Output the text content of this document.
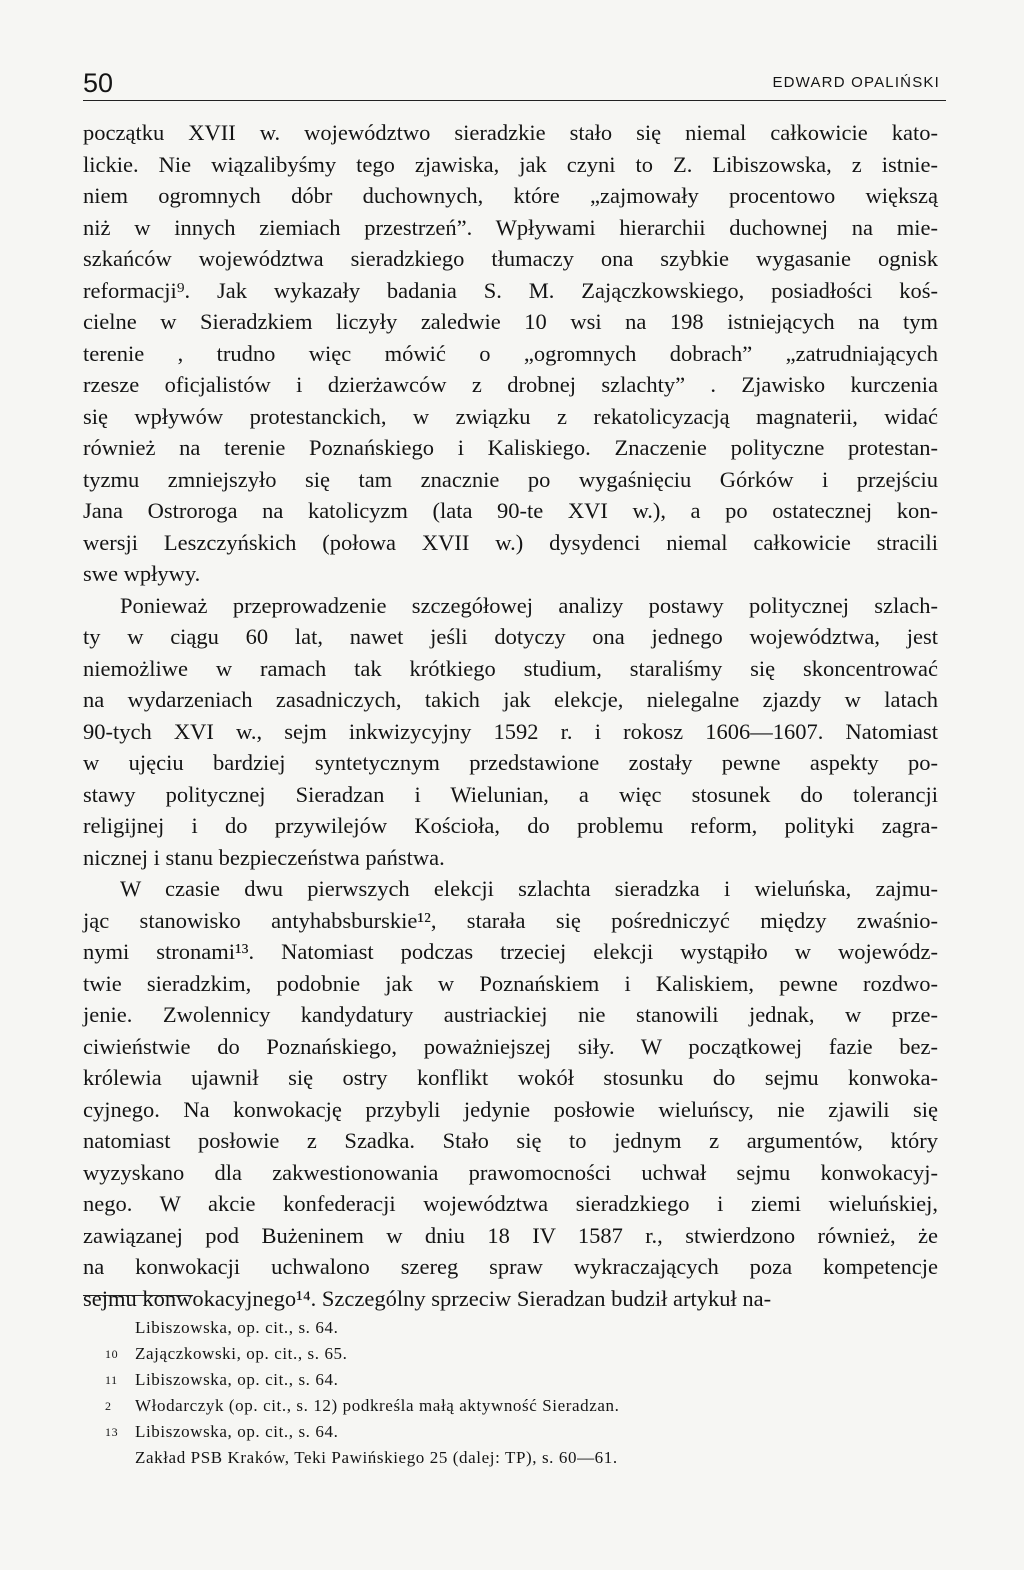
50	EDWARD OPALIŃSKI
początku XVII w. województwo sieradzkie stało się niemal całkowicie kato-
lickie. Nie wiązalibyśmy tego zjawiska, jak czyni to Z. Libiszowska, z istnie-
niem ogromnych dóbr duchownych, które „zajmowały procentowo większą
niż w innych ziemiach przestrzeń”. Wpływami hierarchii duchownej na mie-
szkańców województwa sieradzkiego tłumaczy ona szybkie wygasanie ognisk
reformacji⁹. Jak wykazały badania S. M. Zajączkowskiego, posiadłości koś-
cielne w Sieradzkiem liczyły zaledwie 10 wsi na 198 istniejących na tym
terenie , trudno więc mówić o „ogromnych dobrach” „zatrudniających
rzesze oficjalistów i dzierżawców z drobnej szlachty” . Zjawisko kurczenia
się wpływów protestanckich, w związku z rekatolicyzacją magnaterii, widać
również na terenie Poznańskiego i Kaliskiego. Znaczenie polityczne protestan-
tyzmu zmniejszyło się tam znacznie po wygaśnięciu Górków i przejściu
Jana Ostroroga na katolicyzm (lata 90-te XVI w.), a po ostatecznej kon-
wersji Leszczyńskich (połowa XVII w.) dysydenci niemal całkowicie stracili
swe wpływy.
Ponieważ przeprowadzenie szczegółowej analizy postawy politycznej szlach-
ty w ciągu 60 lat, nawet jeśli dotyczy ona jednego województwa, jest
niemożliwe w ramach tak krótkiego studium, staraliśmy się skoncentrować
na wydarzeniach zasadniczych, takich jak elekcje, nielegalne zjazdy w latach
90-tych XVI w., sejm inkwizycyjny 1592 r. i rokosz 1606—1607. Natomiast
w ujęciu bardziej syntetycznym przedstawione zostały pewne aspekty po-
stawy politycznej Sieradzan i Wielunian, a więc stosunek do tolerancji
religijnej i do przywilejów Kościoła, do problemu reform, polityki zagra-
nicznej i stanu bezpieczeństwa państwa.
W czasie dwu pierwszych elekcji szlachta sieradzka i wieluńska, zajmu-
jąc stanowisko antyhabsburskie¹², starała się pośredniczyć między zwaśnio-
nymi stronami¹³. Natomiast podczas trzeciej elekcji wystąpiło w wojewódz-
twie sieradzkim, podobnie jak w Poznańskiem i Kaliskiem, pewne rozdwo-
jenie. Zwolennicy kandydatury austriackiej nie stanowili jednak, w prze-
ciwieństwie do Poznańskiego, poważniejszej siły. W początkowej fazie bez-
królewia ujawnił się ostry konflikt wokół stosunku do sejmu konwoka-
cyjnego. Na konwokację przybyli jedynie posłowie wieluńscy, nie zjawili się
natomiast posłowie z Szadka. Stało się to jednym z argumentów, który
wyzyskano dla zakwestionowania prawomocności uchwał sejmu konwokacyj-
nego. W akcie konfederacji województwa sieradzkiego i ziemi wieluńskiej,
zawiązanej pod Bużeninem w dniu 18 IV 1587 r., stwierdzono również, że
na konwokacji uchwalono szereg spraw wykraczających poza kompetencje
sejmu konwokacyjnego¹⁴. Szczególny sprzeciw Sieradzan budził artykuł na-
Libiszowska, op. cit., s. 64.
10 Zajączkowski, op. cit., s. 65.
11 Libiszowska, op. cit., s. 64.
2 Włodarczyk (op. cit., s. 12) podkreśla małą aktywność Sieradzan.
13 Libiszowska, op. cit., s. 64.
Zakład PSB Kraków, Teki Pawińskiego 25 (dalej: TP), s. 60—61.
